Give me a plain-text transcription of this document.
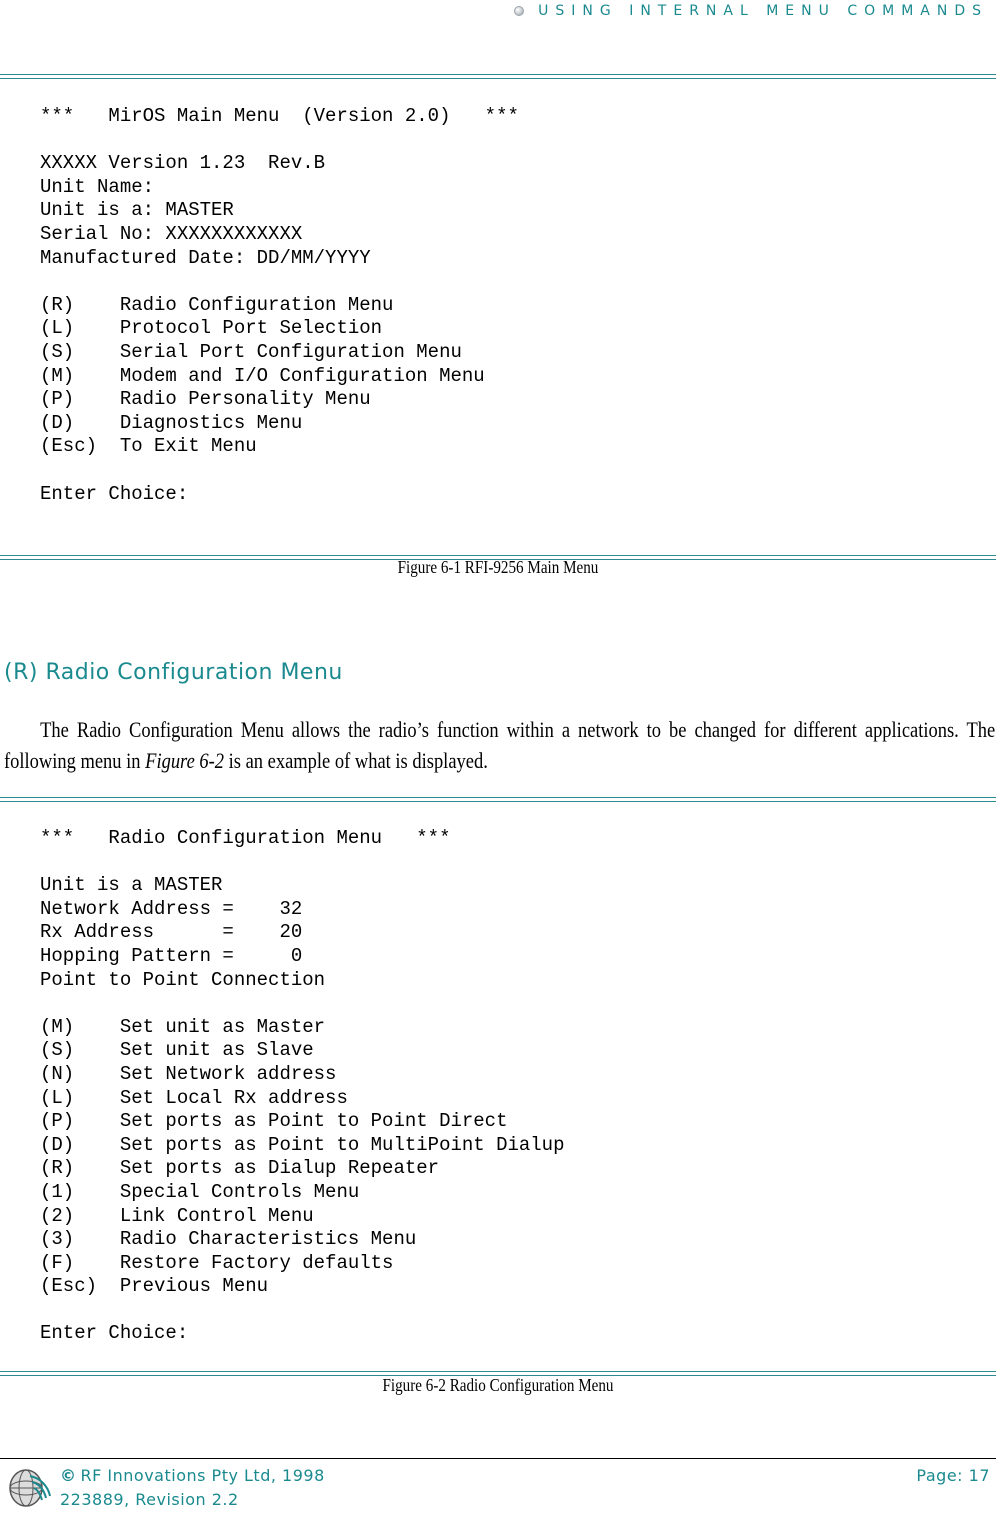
USING INTERNAL MENU COMMANDS
***   MirOS Main Menu  (Version 2.0)   ***
XXXXX Version 1.23  Rev.B
Unit Name:
Unit is a: MASTER
Serial No: XXXXXXXXXXXX
Manufactured Date: DD/MM/YYYY
(R)    Radio Configuration Menu
(L)    Protocol Port Selection
(S)    Serial Port Configuration Menu
(M)    Modem and I/O Configuration Menu
(P)    Radio Personality Menu
(D)    Diagnostics Menu
(Esc)  To Exit Menu
Enter Choice:
Figure 6-1 RFI-9256 Main Menu
(R) Radio Configuration Menu

The Radio Configuration Menu allows the radio’s function within a network to be changed for different applications. The following menu in Figure 6-2 is an example of what is displayed.

***   Radio Configuration Menu   ***
Unit is a MASTER
Network Address =    32
Rx Address      =    20
Hopping Pattern =     0
Point to Point Connection
(M)    Set unit as Master
(S)    Set unit as Slave
(N)    Set Network address
(L)    Set Local Rx address
(P)    Set ports as Point to Point Direct
(D)    Set ports as Point to MultiPoint Dialup
(R)    Set ports as Dialup Repeater
(1)    Special Controls Menu
(2)    Link Control Menu
(3)    Radio Characteristics Menu
(F)    Restore Factory defaults
(Esc)  Previous Menu
Enter Choice:
Figure 6-2 Radio Configuration Menu
© RF Innovations Pty Ltd, 1998
223889, Revision 2.2
Page: 17
